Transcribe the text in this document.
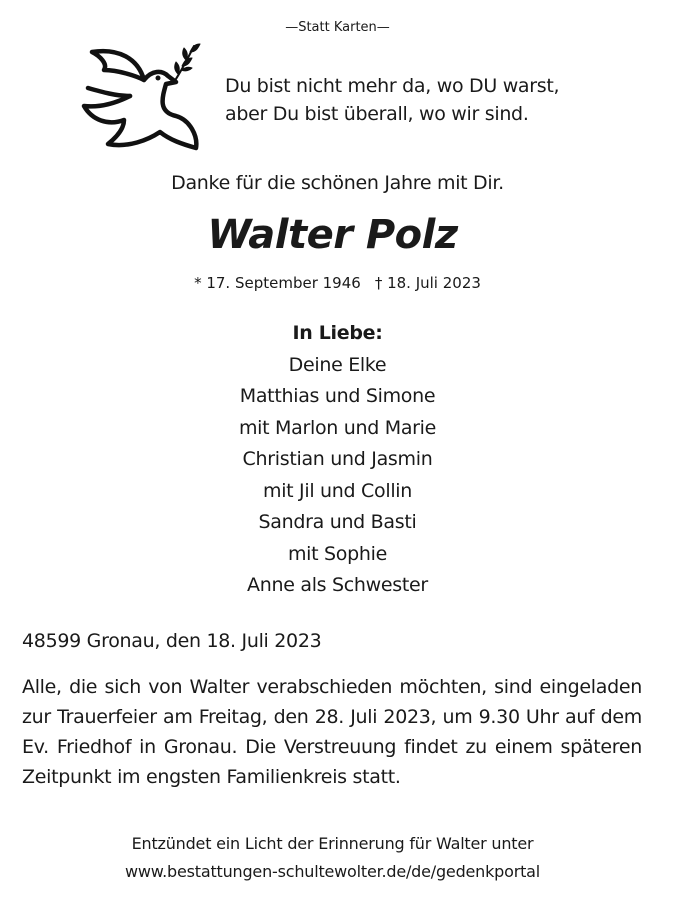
—Statt Karten—
Du bist nicht mehr da, wo DU warst,
aber Du bist überall, wo wir sind.
Danke für die schönen Jahre mit Dir.
Walter Polz
* 17. September 1946 † 18. Juli 2023
In Liebe:
Deine Elke
Matthias und Simone
mit Marlon und Marie
Christian und Jasmin
mit Jil und Collin
Sandra und Basti
mit Sophie
Anne als Schwester
48599 Gronau, den 18. Juli 2023
Alle, die sich von Walter verabschieden möchten, sind eingeladen zur Trauerfeier am Freitag, den 28. Juli 2023, um 9.30 Uhr auf dem Ev. Friedhof in Gronau. Die Verstreuung findet zu einem späteren Zeitpunkt im engsten Familienkreis statt.
Entzündet ein Licht der Erinnerung für Walter unter
www.bestattungen-schultewolter.de/de/gedenkportal
